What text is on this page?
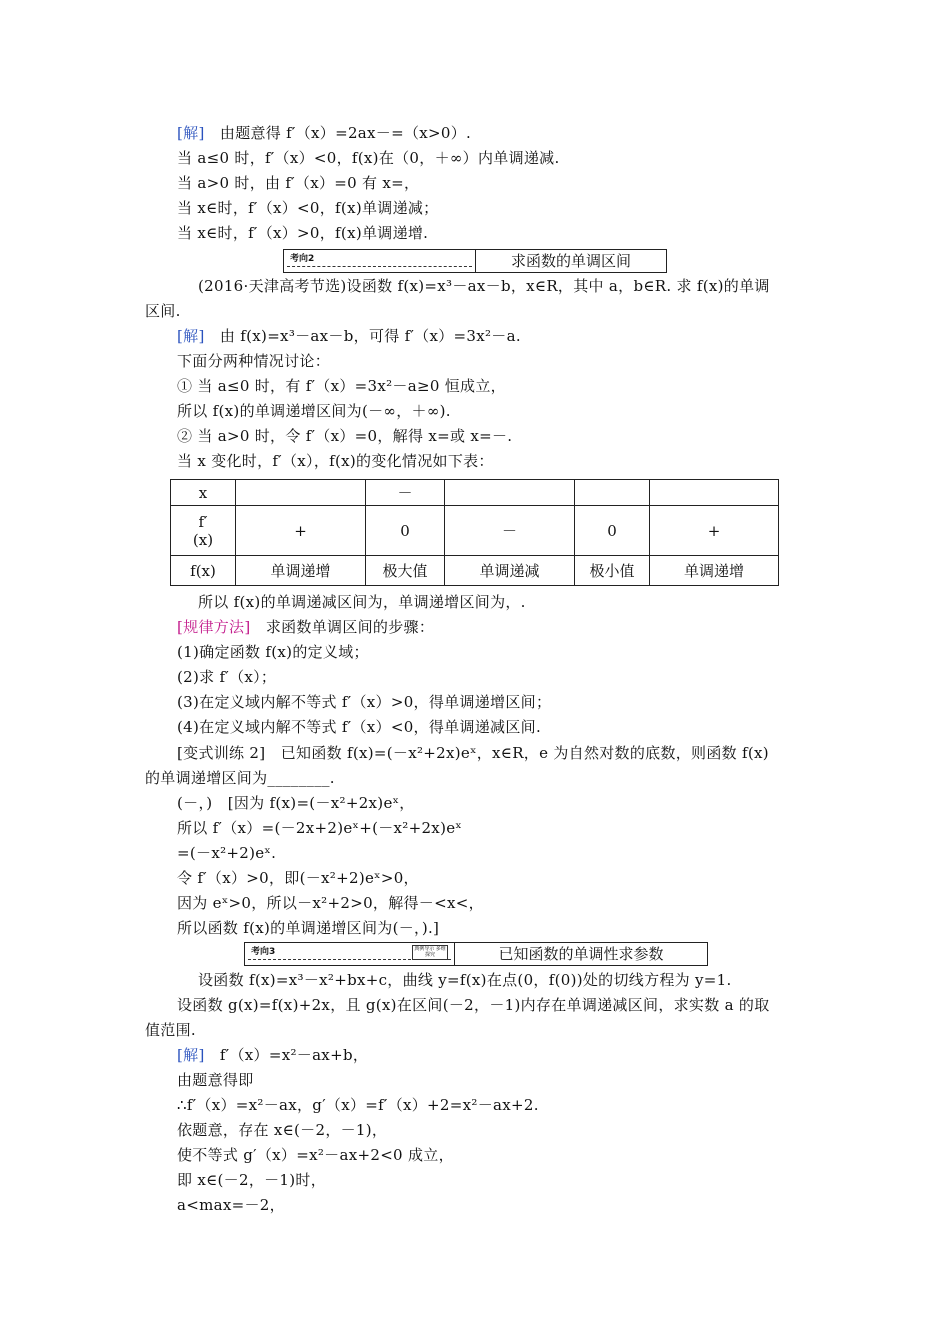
[解]　由题意得 f′（x）=2ax－=（x>0）.
当 a≤0 时，f′（x）<0，f(x)在（0，＋∞）内单调递减.
当 a>0 时，由 f′（x）=0 有 x=，
当 x∈时，f′（x）<0，f(x)单调递减；
当 x∈时，f′（x）>0，f(x)单调递增.
考向2	求函数的单调区间
(2016·天津高考节选)设函数 f(x)=x³－ax－b，x∈R，其中 a，b∈R. 求 f(x)的单调
区间.
[解]　由 f(x)=x³－ax－b，可得 f′（x）=3x²－a.
下面分两种情况讨论：
① 当 a≤0 时，有 f′（x）=3x²－a≥0 恒成立，
所以 f(x)的单调递增区间为(－∞，＋∞).
② 当 a>0 时，令 f′（x）=0，解得 x=或 x=－.
当 x 变化时，f′（x），f(x)的变化情况如下表：
x		－			

f′
(x)	+	0	－	0	+
f(x)	单调递增	极大值	单调递减	极小值	单调递增
所以 f(x)的单调递减区间为，单调递增区间为，.
[规律方法]　 求函数单调区间的步骤：
(1)确定函数 f(x)的定义域；
(2)求 f′（x）；
(3)在定义域内解不等式 f′（x）>0，得单调递增区间；
(4)在定义域内解不等式 f′（x）<0，得单调递减区间.
[变式训练 2]　已知函数 f(x)=(－x²+2x)eˣ，x∈R，e 为自然对数的底数，则函数 f(x)
的单调递增区间为________.
(－，)　[因为 f(x)=(－x²+2x)eˣ，
所以 f′（x）=(－2x+2)eˣ+(－x²+2x)eˣ
=(－x²+2)eˣ.
令 f′（x）>0，即(－x²+2)eˣ>0，
因为 eˣ>0，所以－x²+2>0，解得－<x<，
所以函数 f(x)的单调递增区间为(－，).]
考向3	典例导示 多维探究	已知函数的单调性求参数
设函数 f(x)=x³－x²+bx+c，曲线 y=f(x)在点(0，f(0))处的切线方程为 y=1.
设函数 g(x)=f(x)+2x，且 g(x)在区间(－2，－1)内存在单调递减区间，求实数 a 的取
值范围.
[解]　f′（x）=x²－ax+b，
由题意得即
∴f′（x）=x²－ax，g′（x）=f′（x）+2=x²－ax+2.
依题意，存在 x∈(－2，－1)，
使不等式 g′（x）=x²－ax+2<0 成立，
即 x∈(－2，－1)时，
a<max=－2，
